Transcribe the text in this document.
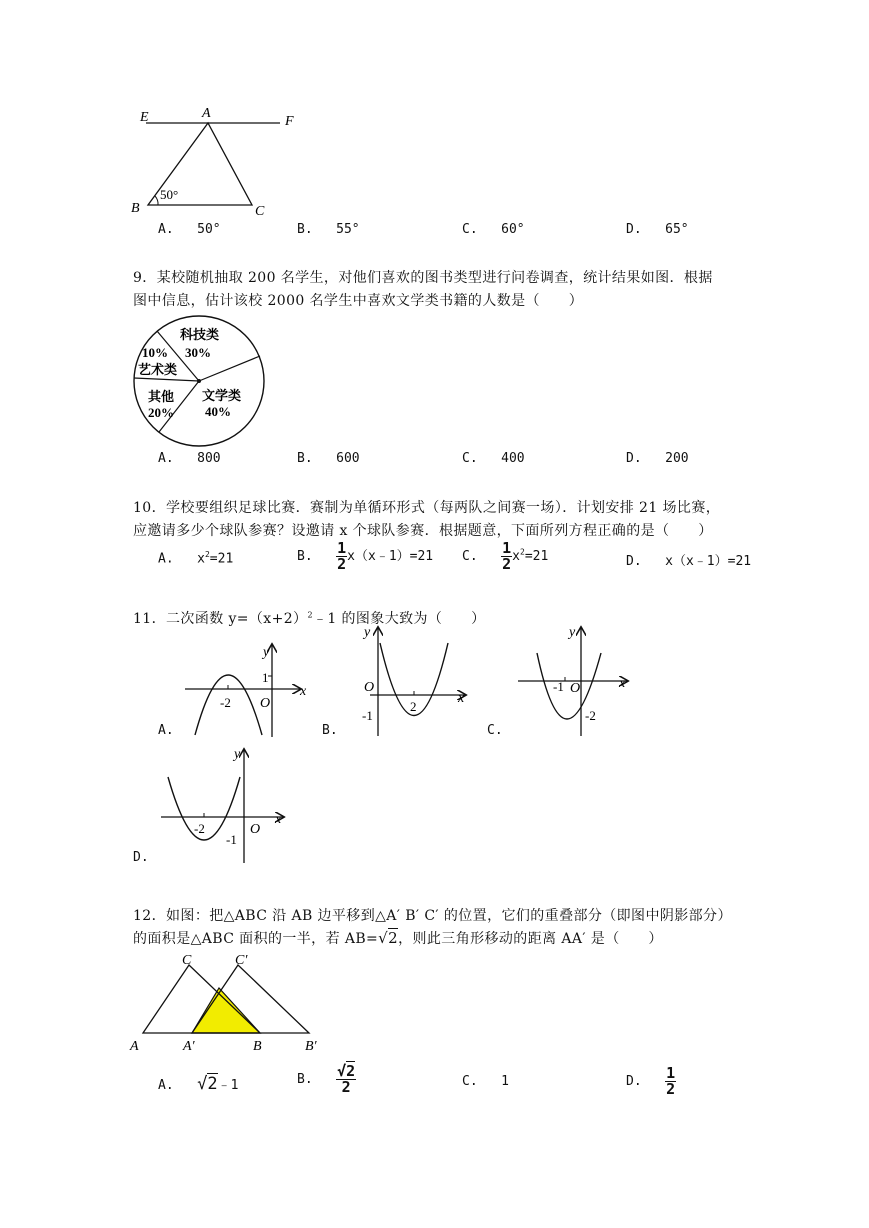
E	A
F
B	C
50°
A. 50°	B. 55°	C. 60°	D. 65°
9．某校随机抽取 200 名学生，对他们喜欢的图书类型进行问卷调查，统计结果如图．根据
图中信息，估计该校 2000 名学生中喜欢文学类书籍的人数是（　　）
科技类
30%
10%
艺术类
其他
20%
文学类
40%
A. 800	B. 600	C. 400	D. 200
10．学校要组织足球比赛．赛制为单循环形式（每两队之间赛一场）．计划安排 21 场比赛，
应邀请多少个球队参赛？设邀请 x 个球队参赛．根据题意，下面所列方程正确的是（　　）
A. $x^2=21$	B. $\frac{1}{2}$ x（x﹣1）=21 C. $\frac{1}{2} x^2=21$	D. x（x﹣1）=21
11．二次函数 $y=(x+2)^2﹣1$ 的图象大致为（　　）
y
x
1
-2 O
A.
y
x
O
2
-1
B.
y
x
-1 O
-2
C.
y
x
-2	O
-1
D.
12．如图：把△ABC 沿 AB 边平移到△A′ B′ C′ 的位置，它们的重叠部分（即图中阴影部分）
的面积是△ABC 面积的一半，若 AB=√2，则此三角形移动的距离 AA′ 是（　　）
C	C′
A	A′	B	B′
A. √2﹣1	B. $\frac{√2}{2}$	C. 1	D. $\frac{1}{2}$
